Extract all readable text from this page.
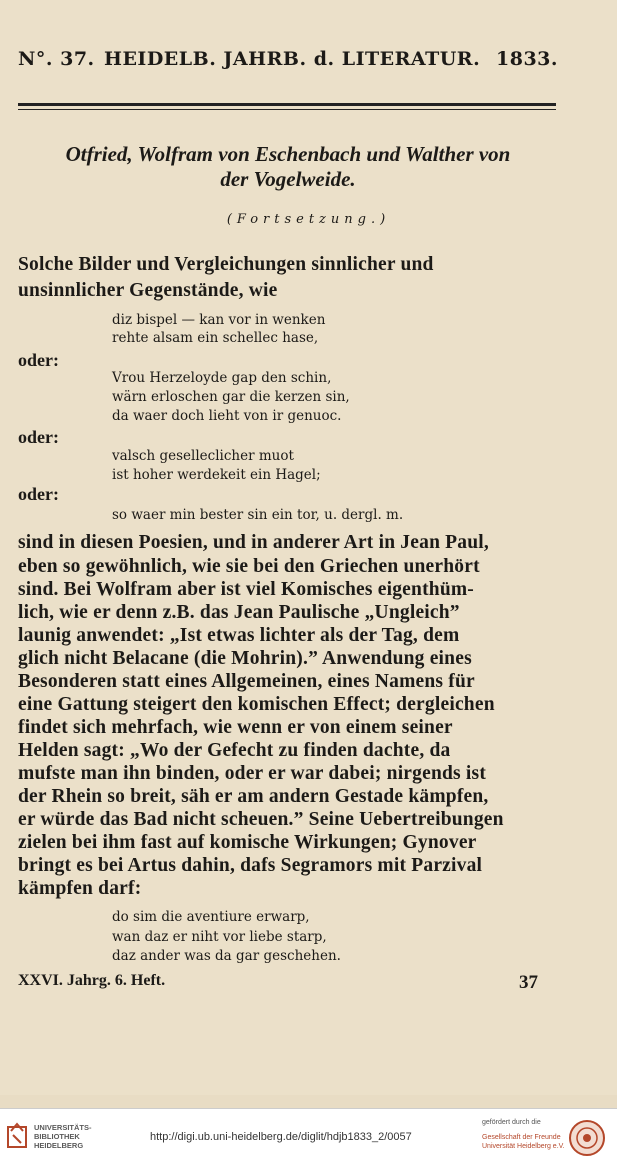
N°. 37. HEIDELB. JAHRB. d. LITERATUR. 1833.
Otfried, Wolfram von Eschenbach und Walther von
der Vogelweide.
(Fortsetzung.)
Solche Bilder und Vergleichungen sinnlicher und
unsinnlicher Gegenstände, wie
diz bispel — kan vor in wenken
rehte alsam ein schellec hase,
oder:
Vrou Herzeloyde gap den schin,
wärn erloschen gar die kerzen sin,
da waer doch lieht von ir genuoc.
oder:
valsch geselleclicher muot
ist hoher werdekeit ein Hagel;
oder:
so waer min bester sin ein tor, u. dergl. m.
sind in diesen Poesien, und in anderer Art in Jean Paul,
eben so gewöhnlich, wie sie bei den Griechen unerhört
sind. Bei Wolfram aber ist viel Komisches eigenthüm-
lich, wie er denn z.B. das Jean Paulische „Ungleich”
launig anwendet: „Ist etwas lichter als der Tag, dem
glich nicht Belacane (die Mohrin).” Anwendung eines
Besonderen statt eines Allgemeinen, eines Namens für
eine Gattung steigert den komischen Effect; dergleichen
findet sich mehrfach, wie wenn er von einem seiner
Helden sagt: „Wo der Gefecht zu finden dachte, da
mufste man ihn binden, oder er war dabei; nirgends ist
der Rhein so breit, säh er am andern Gestade kämpfen,
er würde das Bad nicht scheuen.” Seine Uebertreibungen
zielen bei ihm fast auf komische Wirkungen; Gynover
bringt es bei Artus dahin, dafs Segramors mit Parzival
kämpfen darf:
do sim die aventiure erwarp,
wan daz er niht vor liebe starp,
daz ander was da gar geschehen.
XXVI. Jahrg. 6. Heft.	37
UNIVERSITÄTS-
BIBLIOTHEK
HEIDELBERG
http://digi.ub.uni-heidelberg.de/diglit/hdjb1833_2/0057
gefördert durch die
Gesellschaft der Freunde
Universität Heidelberg e.V.
